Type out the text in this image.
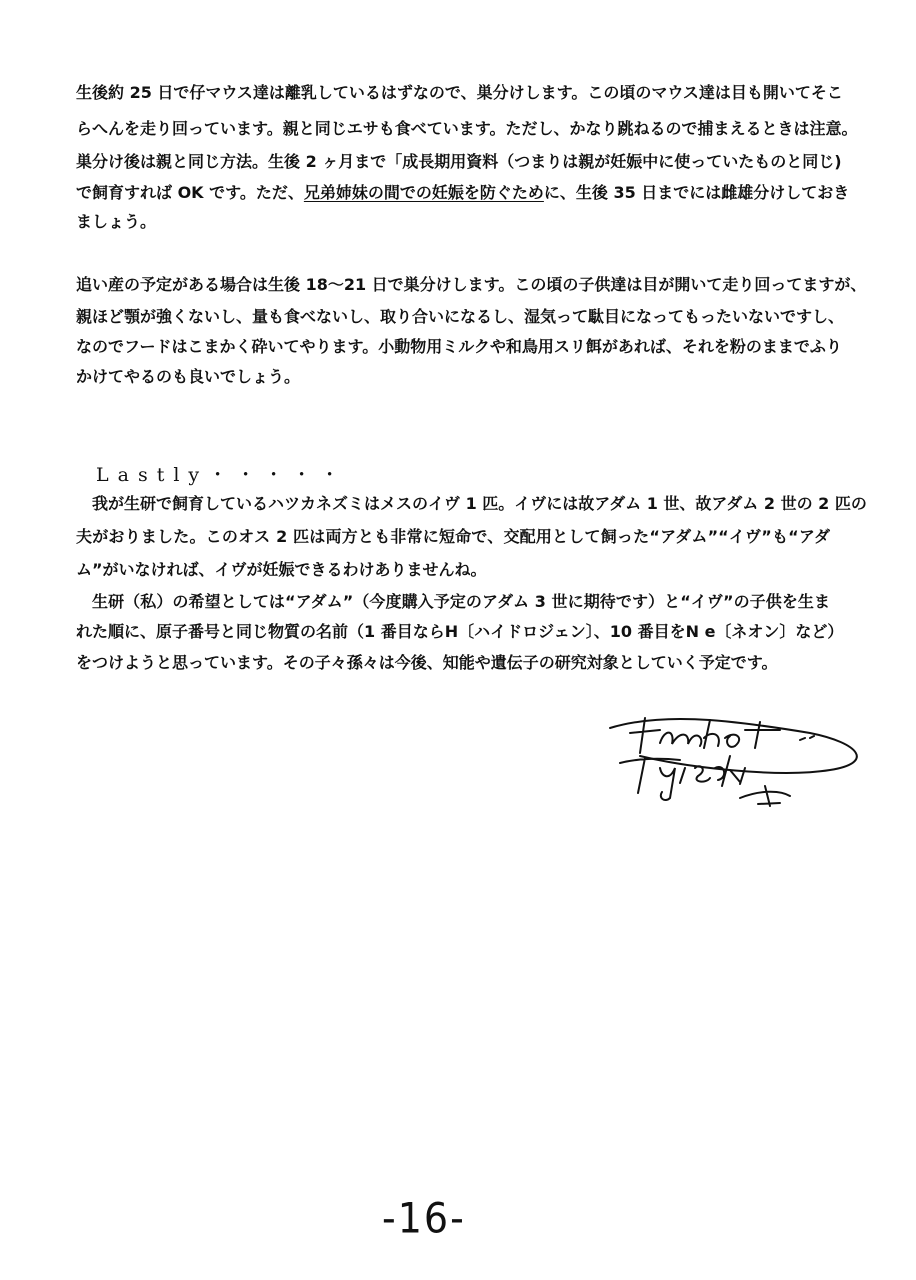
生後約 25 日で仔マウス達は離乳しているはずなので、巣分けします。この頃のマウス達は目も開いてそこ
らへんを走り回っています。親と同じエサも食べています。ただし、かなり跳ねるので捕まえるときは注意。
巣分け後は親と同じ方法。生後 2 ヶ月まで「成長期用資料（つまりは親が妊娠中に使っていたものと同じ)
で飼育すれば OK です。ただ、兄弟姉妹の間での妊娠を防ぐために、生後 35 日までには雌雄分けしておき
ましょう。
追い産の予定がある場合は生後 18～21 日で巣分けします。この頃の子供達は目が開いて走り回ってますが、
親ほど顎が強くないし、量も食べないし、取り合いになるし、湿気って駄目になってもったいないですし、
なのでフードはこまかく砕いてやります。小動物用ミルクや和鳥用スリ餌があれば、それを粉のままでふり
かけてやるのも良いでしょう。
Lastly・・・・・
我が生研で飼育しているハツカネズミはメスのイヴ 1 匹。イヴには故アダム 1 世、故アダム 2 世の 2 匹の
夫がおりました。このオス 2 匹は両方とも非常に短命で、交配用として飼った“アダム”“イヴ”も“アダ
ム”がいなければ、イヴが妊娠できるわけありませんね。
生研（私）の希望としては“アダム”（今度購入予定のアダム 3 世に期待です）と“イヴ”の子供を生ま
れた順に、原子番号と同じ物質の名前（1 番目ならH〔ハイドロジェン〕、10 番目をN e〔ネオン〕など）
をつけようと思っています。その子々孫々は今後、知能や遺伝子の研究対象としていく予定です。
-16-
